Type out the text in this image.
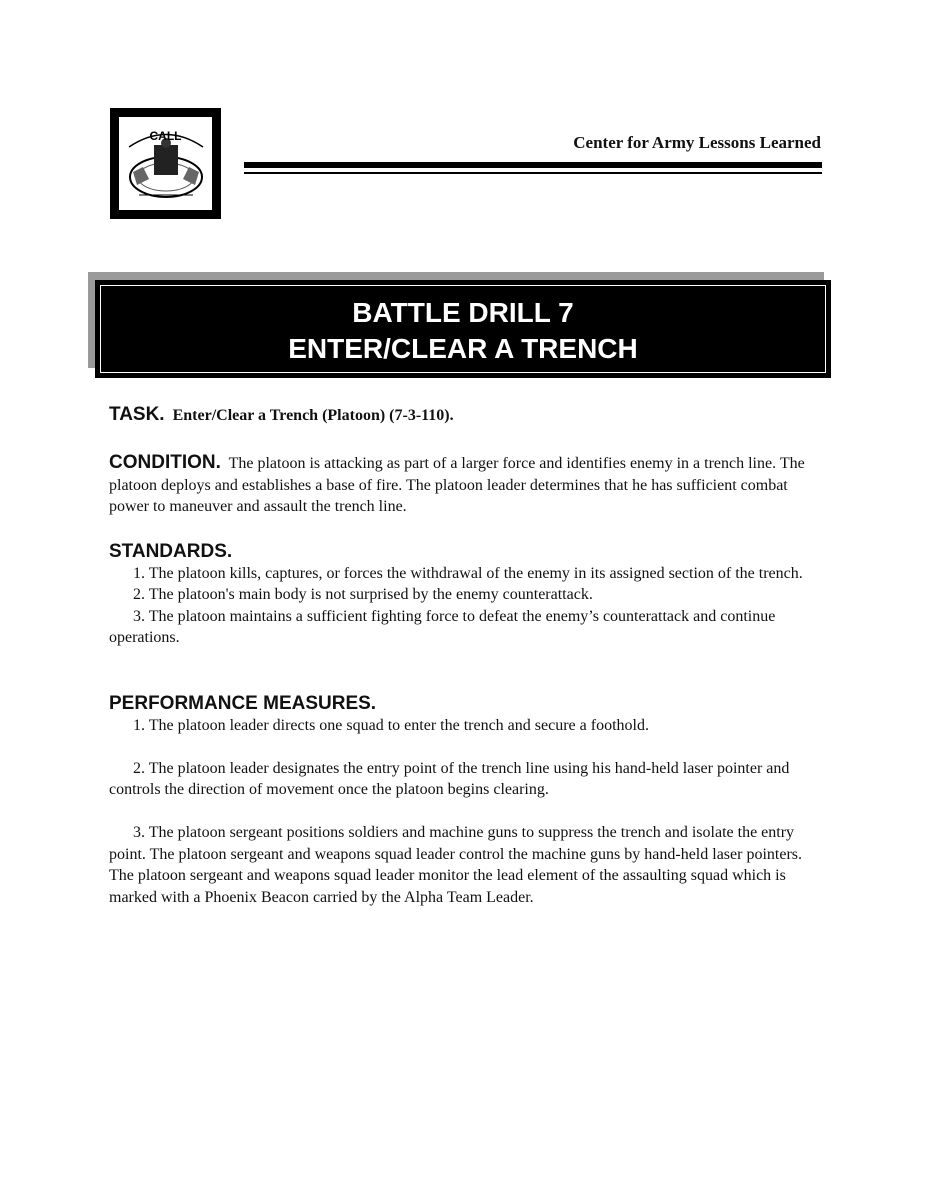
CALL	Center for Army Lessons Learned
BATTLE DRILL 7
ENTER/CLEAR A TRENCH

TASK. Enter/Clear a Trench (Platoon) (7-3-110).

CONDITION. The platoon is attacking as part of a larger force and identifies enemy in a trench line. The platoon deploys and establishes a base of fire. The platoon leader determines that he has sufficient combat power to maneuver and assault the trench line.

STANDARDS.

1. The platoon kills, captures, or forces the withdrawal of the enemy in its assigned section of the trench.

2. The platoon's main body is not surprised by the enemy counterattack.

3. The platoon maintains a sufficient fighting force to defeat the enemy’s counterattack and continue operations.

PERFORMANCE MEASURES.

1. The platoon leader directs one squad to enter the trench and secure a foothold.

2. The platoon leader designates the entry point of the trench line using his hand-held laser pointer and controls the direction of movement once the platoon begins clearing.

3. The platoon sergeant positions soldiers and machine guns to suppress the trench and isolate the entry point. The platoon sergeant and weapons squad leader control the machine guns by hand-held laser pointers. The platoon sergeant and weapons squad leader monitor the lead element of the assaulting squad which is marked with a Phoenix Beacon carried by the Alpha Team Leader.
